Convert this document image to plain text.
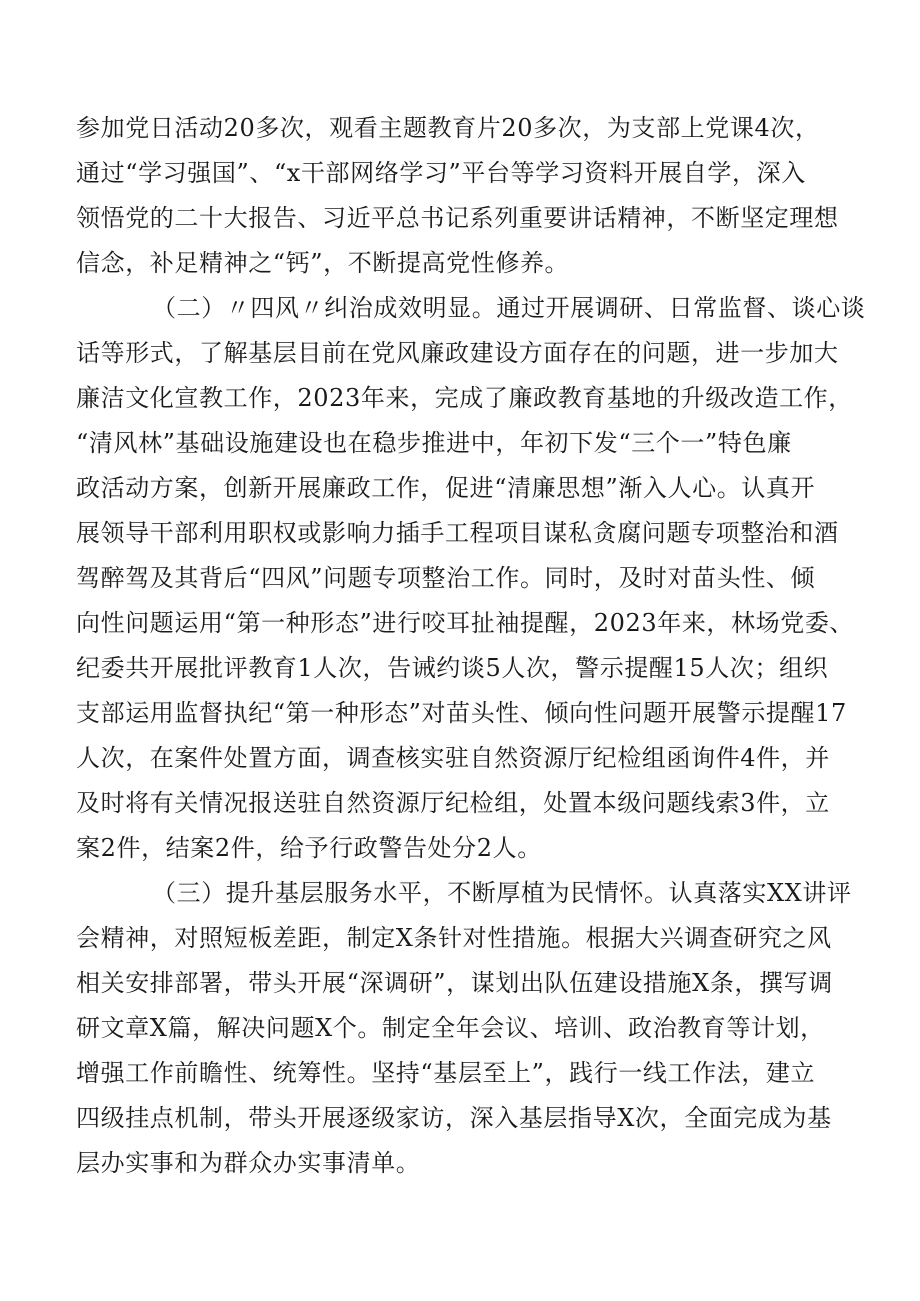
参加党日活动20多次，观看主题教育片20多次，为支部上党课4次，
通过“学习强国”、“x干部网络学习”平台等学习资料开展自学，深入
领悟党的二十大报告、习近平总书记系列重要讲话精神，不断坚定理想
信念，补足精神之“钙”，不断提高党性修养。
（二）〃四风〃纠治成效明显。通过开展调研、日常监督、谈心谈
话等形式，了解基层目前在党风廉政建设方面存在的问题，进一步加大
廉洁文化宣教工作，2023年来，完成了廉政教育基地的升级改造工作，
“清风林”基础设施建设也在稳步推进中，年初下发“三个一”特色廉
政活动方案，创新开展廉政工作，促进“清廉思想”渐入人心。认真开
展领导干部利用职权或影响力插手工程项目谋私贪腐问题专项整治和酒
驾醉驾及其背后“四风”问题专项整治工作。同时，及时对苗头性、倾
向性问题运用“第一种形态”进行咬耳扯袖提醒，2023年来，林场党委、
纪委共开展批评教育1人次，告诫约谈5人次，警示提醒15人次；组织
支部运用监督执纪“第一种形态”对苗头性、倾向性问题开展警示提醒17
人次，在案件处置方面，调查核实驻自然资源厅纪检组函询件4件，并
及时将有关情况报送驻自然资源厅纪检组，处置本级问题线索3件，立
案2件，结案2件，给予行政警告处分2人。
（三）提升基层服务水平，不断厚植为民情怀。认真落实XX讲评
会精神，对照短板差距，制定X条针对性措施。根据大兴调查研究之风
相关安排部署，带头开展“深调研”，谋划出队伍建设措施X条，撰写调
研文章X篇，解决问题X个。制定全年会议、培训、政治教育等计划，
增强工作前瞻性、统筹性。坚持“基层至上”，践行一线工作法，建立
四级挂点机制，带头开展逐级家访，深入基层指导X次，全面完成为基
层办实事和为群众办实事清单。
